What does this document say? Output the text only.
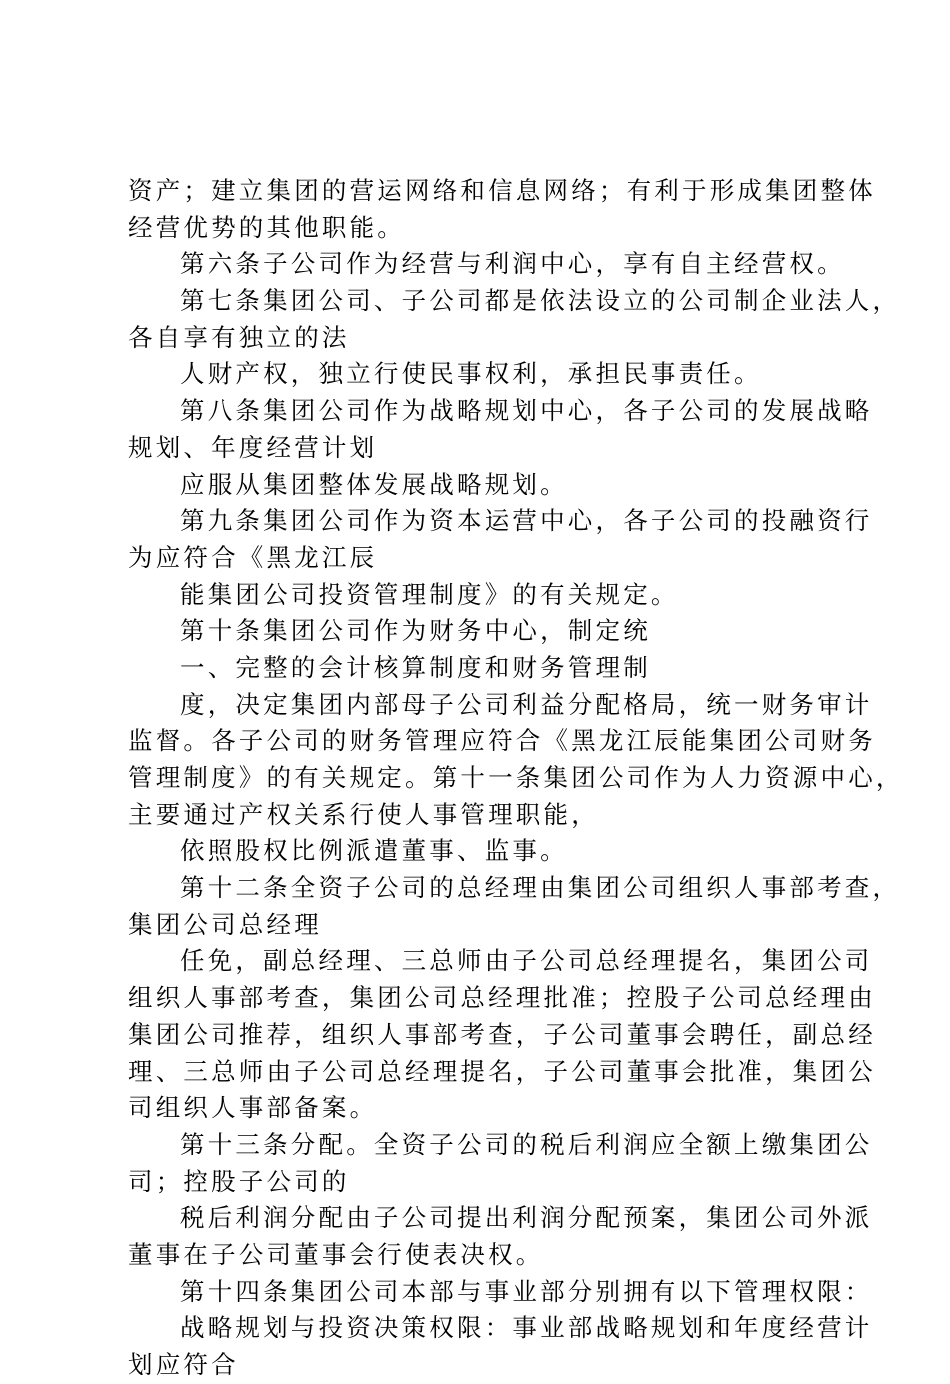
资产；建立集团的营运网络和信息网络；有利于形成集团整体
经营优势的其他职能。
第六条子公司作为经营与利润中心，享有自主经营权。
第七条集团公司、子公司都是依法设立的公司制企业法人，
各自享有独立的法
人财产权，独立行使民事权利，承担民事责任。
第八条集团公司作为战略规划中心，各子公司的发展战略
规划、年度经营计划
应服从集团整体发展战略规划。
第九条集团公司作为资本运营中心，各子公司的投融资行
为应符合《黑龙江辰
能集团公司投资管理制度》的有关规定。
第十条集团公司作为财务中心，制定统
一、完整的会计核算制度和财务管理制
度，决定集团内部母子公司利益分配格局，统一财务审计
监督。各子公司的财务管理应符合《黑龙江辰能集团公司财务
管理制度》的有关规定。第十一条集团公司作为人力资源中心，
主要通过产权关系行使人事管理职能，
依照股权比例派遣董事、监事。
第十二条全资子公司的总经理由集团公司组织人事部考查，
集团公司总经理
任免，副总经理、三总师由子公司总经理提名，集团公司
组织人事部考查，集团公司总经理批准；控股子公司总经理由
集团公司推荐，组织人事部考查，子公司董事会聘任，副总经
理、三总师由子公司总经理提名，子公司董事会批准，集团公
司组织人事部备案。
第十三条分配。全资子公司的税后利润应全额上缴集团公
司；控股子公司的
税后利润分配由子公司提出利润分配预案，集团公司外派
董事在子公司董事会行使表决权。
第十四条集团公司本部与事业部分别拥有以下管理权限：
战略规划与投资决策权限：事业部战略规划和年度经营计
划应符合
